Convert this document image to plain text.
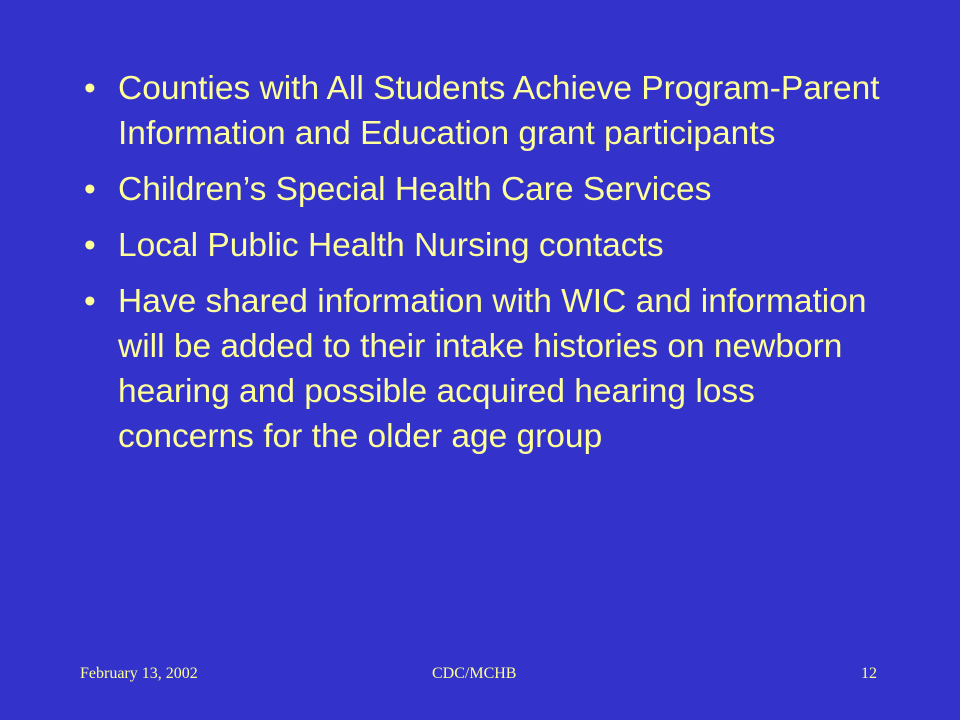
• Counties with All Students Achieve Program-Parent Information and Education grant participants
• Children’s Special Health Care Services
• Local Public Health Nursing contacts
• Have shared information with WIC and information will be added to their intake histories on newborn hearing and possible acquired hearing loss concerns for the older age group
February 13, 2002	CDC/MCHB	12
